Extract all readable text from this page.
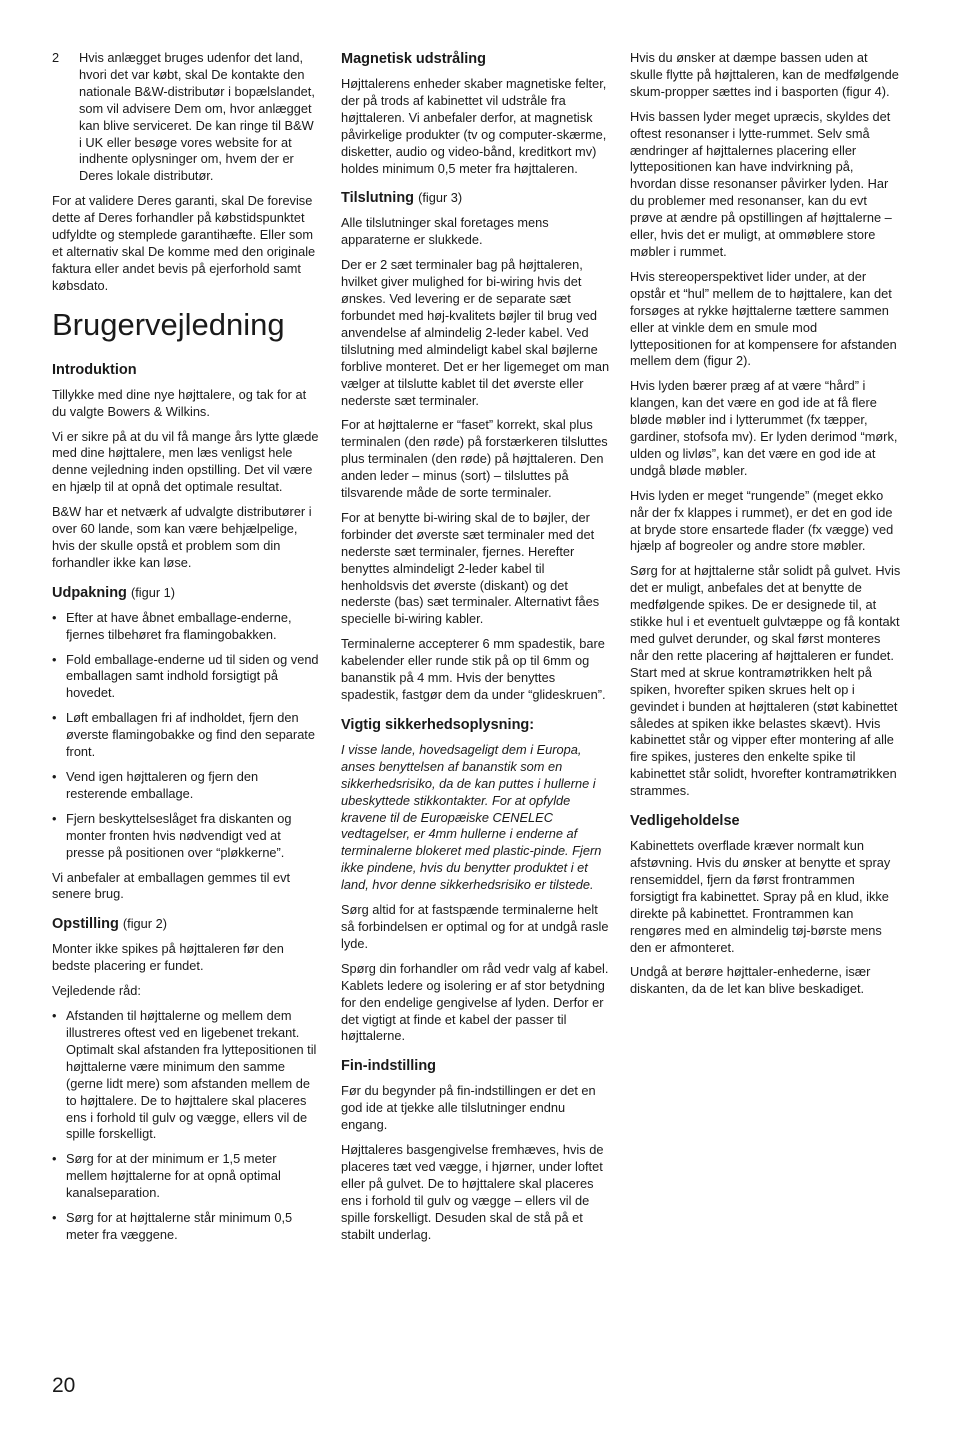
2	Hvis anlægget bruges udenfor det land, hvori det var købt, skal De kontakte den nationale B&W-distributør i bopælslandet, som vil advisere Dem om, hvor anlægget kan blive serviceret. De kan ringe til B&W i UK eller besøge vores website for at indhente oplysninger om, hvem der er Deres lokale distributør.

For at validere Deres garanti, skal De forevise dette af Deres forhandler på købstidspunktet udfyldte og stemplede garantihæfte. Eller som et alternativ skal De komme med den originale faktura eller andet bevis på ejerforhold samt købsdato.

Brugervejledning
Introduktion

Tillykke med dine nye højttalere, og tak for at du valgte Bowers & Wilkins.

Vi er sikre på at du vil få mange års lytte glæde med dine højttalere, men læs venligst hele denne vejledning inden opstilling. Det vil være en hjælp til at opnå det optimale resultat.

B&W har et netværk af udvalgte distributører i over 60 lande, som kan være behjælpelige, hvis der skulle opstå et problem som din forhandler ikke kan løse.

Udpakning (figur 1)
• Efter at have åbnet emballage-enderne, fjernes tilbehøret fra flamingobakken.
• Fold emballage-enderne ud til siden og vend emballagen samt indhold forsigtigt på hovedet.
• Løft emballagen fri af indholdet, fjern den øverste flamingobakke og find den separate front.
• Vend igen højttaleren og fjern den resterende emballage.
• Fjern beskyttelseslåget fra diskanten og monter fronten hvis nødvendigt ved at presse på positionen over “pløkkerne”.

Vi anbefaler at emballagen gemmes til evt senere brug.

Opstilling (figur 2)

Monter ikke spikes på højttaleren før den bedste placering er fundet.

Vejledende råd:

• Afstanden til højttalerne og mellem dem illustreres oftest ved en ligebenet trekant. Optimalt skal afstanden fra lyttepositionen til højttalerne være minimum den samme (gerne lidt mere) som afstanden mellem de to højttalere. De to højttalere skal placeres ens i forhold til gulv og vægge, ellers vil de spille forskelligt.
• Sørg for at der minimum er 1,5 meter mellem højttalerne for at opnå optimal kanalseparation.
• Sørg for at højttalerne står minimum 0,5 meter fra væggene.
Magnetisk udstråling

Højttalerens enheder skaber magnetiske felter, der på trods af kabinettet vil udstråle fra højttaleren. Vi anbefaler derfor, at magnetisk påvirkelige produkter (tv og computer-skærme, disketter, audio og video-bånd, kreditkort mv) holdes minimum 0,5 meter fra højttaleren.

Tilslutning (figur 3)

Alle tilslutninger skal foretages mens apparaterne er slukkede.

Der er 2 sæt terminaler bag på højttaleren, hvilket giver mulighed for bi-wiring hvis det ønskes. Ved levering er de separate sæt forbundet med høj-kvalitets bøjler til brug ved anvendelse af almindelig 2-leder kabel. Ved tilslutning med almindeligt kabel skal bøjlerne forblive monteret. Det er her ligemeget om man vælger at tilslutte kablet til det øverste eller nederste sæt terminaler.

For at højttalerne er “faset” korrekt, skal plus terminalen (den røde) på forstærkeren tilsluttes plus terminalen (den røde) på højttaleren. Den anden leder – minus (sort) – tilsluttes på tilsvarende måde de sorte terminaler.

For at benytte bi-wiring skal de to bøjler, der forbinder det øverste sæt terminaler med det nederste sæt terminaler, fjernes. Herefter benyttes almindeligt 2-leder kabel til henholdsvis det øverste (diskant) og det nederste (bas) sæt terminaler. Alternativt fåes specielle bi-wiring kabler.

Terminalerne accepterer 6 mm spadestik, bare kabelender eller runde stik på op til 6mm og bananstik på 4 mm. Hvis der benyttes spadestik, fastgør dem da under “glideskruen”.

Vigtig sikkerhedsoplysning:

I visse lande, hovedsageligt dem i Europa, anses benyttelsen af bananstik som en sikkerhedsrisiko, da de kan puttes i hullerne i ubeskyttede stikkontakter. For at opfylde kravene til de Europæiske CENELEC vedtagelser, er 4mm hullerne i enderne af terminalerne blokeret med plastic-pinde. Fjern ikke pindene, hvis du benytter produktet i et land, hvor denne sikkerhedsrisiko er tilstede.

Sørg altid for at fastspænde terminalerne helt så forbindelsen er optimal og for at undgå rasle lyde.

Spørg din forhandler om råd vedr valg af kabel. Kablets ledere og isolering er af stor betydning for den endelige gengivelse af lyden. Derfor er det vigtigt at finde et kabel der passer til højttalerne.

Fin-indstilling

Før du begynder på fin-indstillingen er det en god ide at tjekke alle tilslutninger endnu engang.

Højttaleres basgengivelse fremhæves, hvis de placeres tæt ved vægge, i hjørner, under loftet eller på gulvet. De to højttalere skal placeres ens i forhold til gulv og vægge – ellers vil de spille forskelligt. Desuden skal de stå på et stabilt underlag.

Hvis du ønsker at dæmpe bassen uden at skulle flytte på højttaleren, kan de medfølgende skum-propper sættes ind i basporten (figur 4).

Hvis bassen lyder meget upræcis, skyldes det oftest resonanser i lytte-rummet. Selv små ændringer af højttalernes placering eller lyttepositionen kan have indvirkning på, hvordan disse resonanser påvirker lyden. Har du problemer med resonanser, kan du evt prøve at ændre på opstillingen af højttalerne – eller, hvis det er muligt, at ommøblere store møbler i rummet.

Hvis stereoperspektivet lider under, at der opstår et “hul” mellem de to højttalere, kan det forsøges at rykke højttalerne tættere sammen eller at vinkle dem en smule mod lyttepositionen for at kompensere for afstanden mellem dem (figur 2).

Hvis lyden bærer præg af at være “hård” i klangen, kan det være en god ide at få flere bløde møbler ind i lytterummet (fx tæpper, gardiner, stofsofa mv). Er lyden derimod “mørk, ulden og livløs”, kan det være en god ide at undgå bløde møbler.

Hvis lyden er meget “rungende” (meget ekko når der fx klappes i rummet), er det en god ide at bryde store ensartede flader (fx vægge) ved hjælp af bogreoler og andre store møbler.

Sørg for at højttalerne står solidt på gulvet. Hvis det er muligt, anbefales det at benytte de medfølgende spikes. De er designede til, at stikke hul i et eventuelt gulvtæppe og få kontakt med gulvet derunder, og skal først monteres når den rette placering af højttaleren er fundet. Start med at skrue kontramøtrikken helt på spiken, hvorefter spiken skrues helt op i gevindet i bunden at højttaleren (støt kabinettet således at spiken ikke belastes skævt). Hvis kabinettet står og vipper efter montering af alle fire spikes, justeres den enkelte spike til kabinettet står solidt, hvorefter kontramøtrikken strammes.

Vedligeholdelse

Kabinettets overflade kræver normalt kun afstøvning. Hvis du ønsker at benytte et spray rensemiddel, fjern da først frontrammen forsigtigt fra kabinettet. Spray på en klud, ikke direkte på kabinettet. Frontrammen kan rengøres med en almindelig tøj-børste mens den er afmonteret.

Undgå at berøre højttaler-enhederne, især diskanten, da de let kan blive beskadiget.

20
